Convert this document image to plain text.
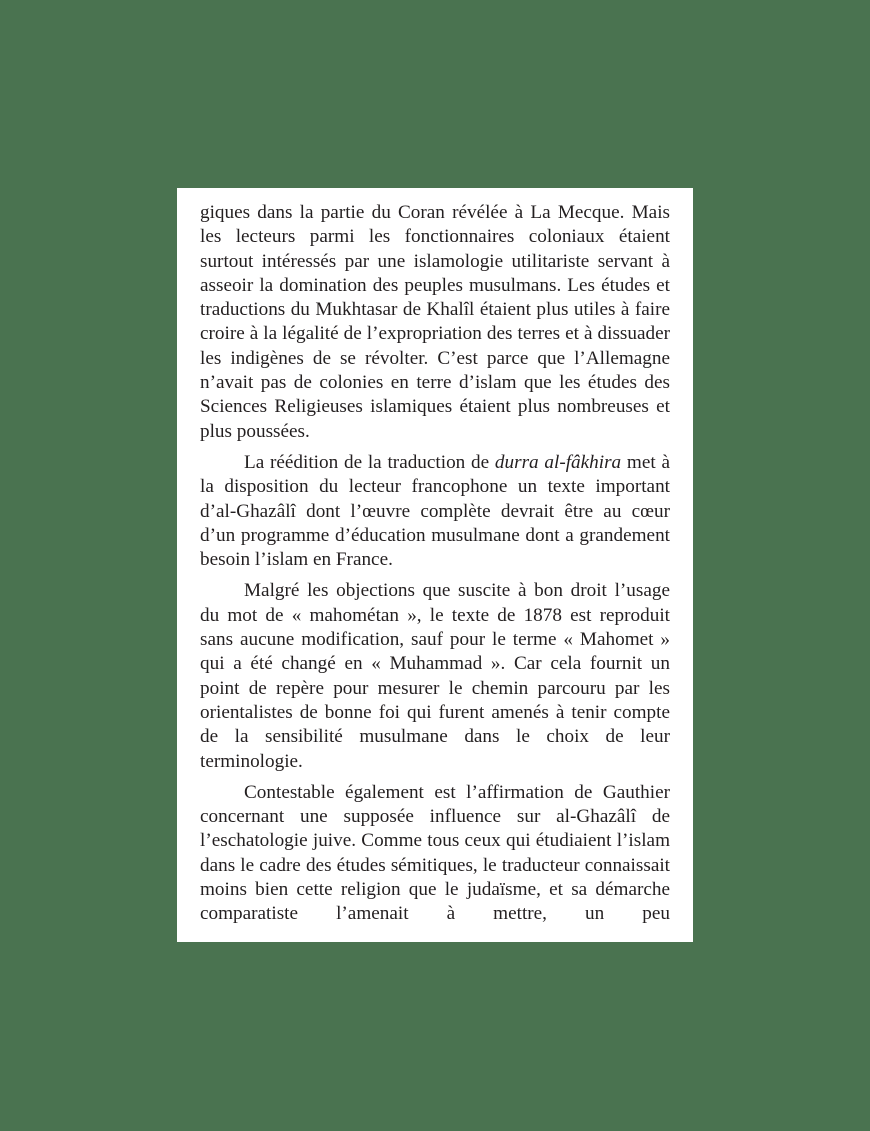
giques dans la partie du Coran révélée à La Mecque. Mais les lecteurs parmi les fonctionnaires coloniaux étaient surtout intéressés par une islamologie utilitariste servant à asseoir la domination des peuples musulmans. Les études et traductions du Mukhtasar de Khalîl étaient plus utiles à faire croire à la légalité de l’expropriation des terres et à dissuader les indigènes de se révolter. C’est parce que l’Allemagne n’avait pas de colonies en terre d’islam que les études des Sciences Religieuses islamiques étaient plus nombreuses et plus poussées.

La réédition de la traduction de durra al-fâkhira met à la disposition du lecteur francophone un texte important d’al-Ghazâlî dont l’œuvre complète devrait être au cœur d’un programme d’éducation musulmane dont a grandement besoin l’islam en France.

Malgré les objections que suscite à bon droit l’usage du mot de « mahométan », le texte de 1878 est reproduit sans aucune modification, sauf pour le terme « Mahomet » qui a été changé en « Muhammad ». Car cela fournit un point de repère pour mesurer le chemin parcouru par les orientalistes de bonne foi qui furent amenés à tenir compte de la sensibilité musulmane dans le choix de leur terminologie.

Contestable également est l’affirmation de Gauthier concernant une supposée influence sur al-Ghazâlî de l’eschatologie juive. Comme tous ceux qui étudiaient l’islam dans le cadre des études sémitiques, le traducteur connaissait moins bien cette religion que le judaïsme, et sa démarche comparatiste l’amenait à mettre, un peu
